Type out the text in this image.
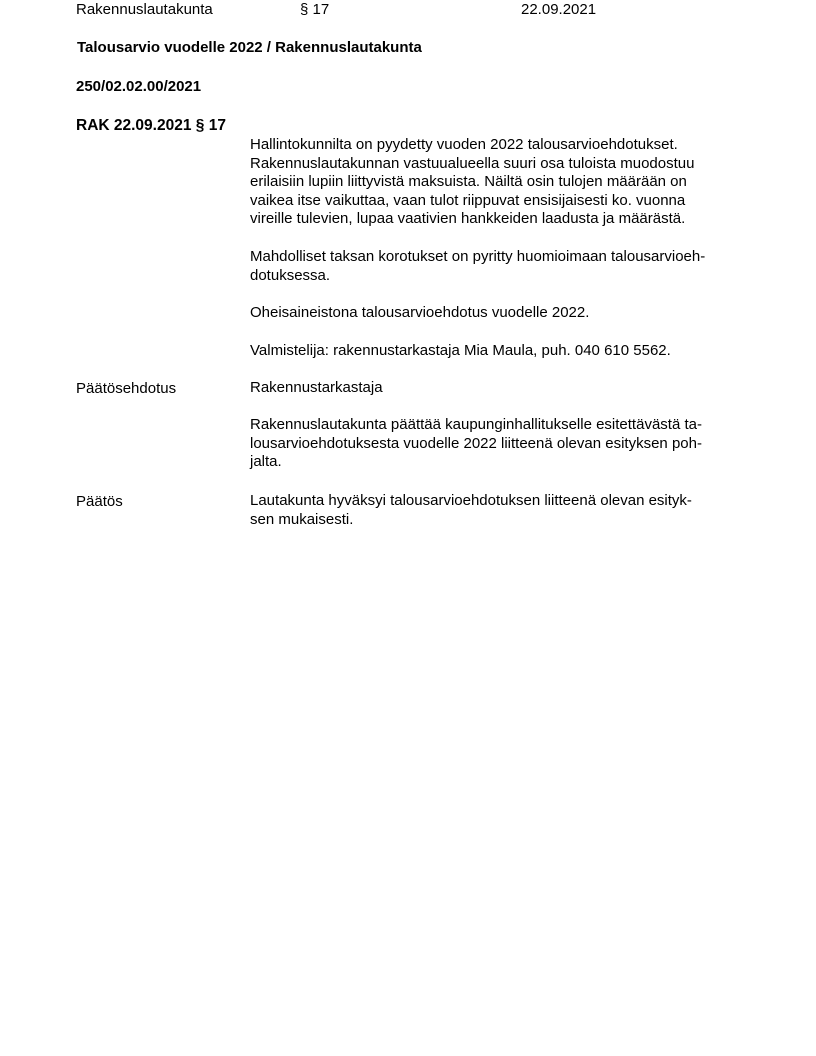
Rakennuslautakunta	§ 17	22.09.2021
Talousarvio vuodelle 2022 / Rakennuslautakunta
250/02.02.00/2021
RAK 22.09.2021 § 17
Hallintokunnilta on pyydetty vuoden 2022 talousarvioehdotukset.
Rakennuslautakunnan vastuualueella suuri osa tuloista muodostuu
erilaisiin lupiin liittyvistä maksuista. Näiltä osin tulojen määrään on
vaikea itse vaikuttaa, vaan tulot riippuvat ensisijaisesti ko. vuonna
vireille tulevien, lupaa vaativien hankkeiden laadusta ja määrästä.
Mahdolliset taksan korotukset on pyritty huomioimaan talousarvioeh-
dotuksessa.
Oheisaineistona talousarvioehdotus vuodelle 2022.
Valmistelija: rakennustarkastaja Mia Maula, puh. 040 610 5562.
Päätösehdotus	Rakennustarkastaja
Rakennuslautakunta päättää kaupunginhallitukselle esitettävästä ta-
lousarvioehdotuksesta vuodelle 2022 liitteenä olevan esityksen poh-
jalta.
Päätös	Lautakunta hyväksyi talousarvioehdotuksen liitteenä olevan esityk-
sen mukaisesti.
